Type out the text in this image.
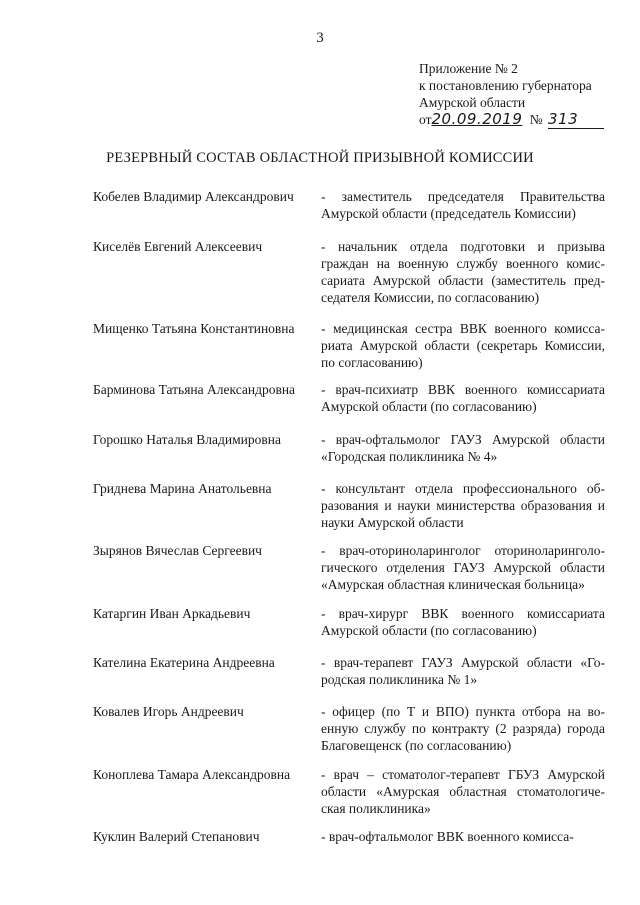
3
Приложение № 2
к постановлению губернатора
Амурской области
от20.09.2019 № 313
РЕЗЕРВНЫЙ СОСТАВ ОБЛАСТНОЙ ПРИЗЫВНОЙ КОМИССИИ
Кобелев Владимир Александрович	- заместитель председателя Правительства Амурской области (председатель Комиссии)
Киселёв Евгений Алексеевич	- начальник отдела подготовки и призыва граждан на военную службу военного комиссариата Амурской области (заместитель председателя Комиссии, по согласованию)
Мищенко Татьяна Константиновна	- медицинская сестра ВВК военного комиссариата Амурской области (секретарь Комиссии, по согласованию)
Барминова Татьяна Александровна	- врач-психиатр ВВК военного комиссариата Амурской области (по согласованию)
Горошко Наталья Владимировна	- врач-офтальмолог ГАУЗ Амурской области «Городская поликлиника № 4»
Гриднева Марина Анатольевна	- консультант отдела профессионального образования и науки министерства образования и науки Амурской области
Зырянов Вячеслав Сергеевич	- врач-оториноларинголог оториноларингологического отделения ГАУЗ Амурской области «Амурская областная клиническая больница»
Катаргин Иван Аркадьевич	- врач-хирург ВВК военного комиссариата Амурской области (по согласованию)
Кателина Екатерина Андреевна	- врач-терапевт ГАУЗ Амурской области «Городская поликлиника № 1»
Ковалев Игорь Андреевич	- офицер (по Т и ВПО) пункта отбора на военную службу по контракту (2 разряда) города Благовещенск (по согласованию)
Коноплева Тамара Александровна	- врач – стоматолог-терапевт ГБУЗ Амурской области «Амурская областная стоматологическая поликлиника»
Куклин Валерий Степанович	- врач-офтальмолог ВВК военного комисса-
